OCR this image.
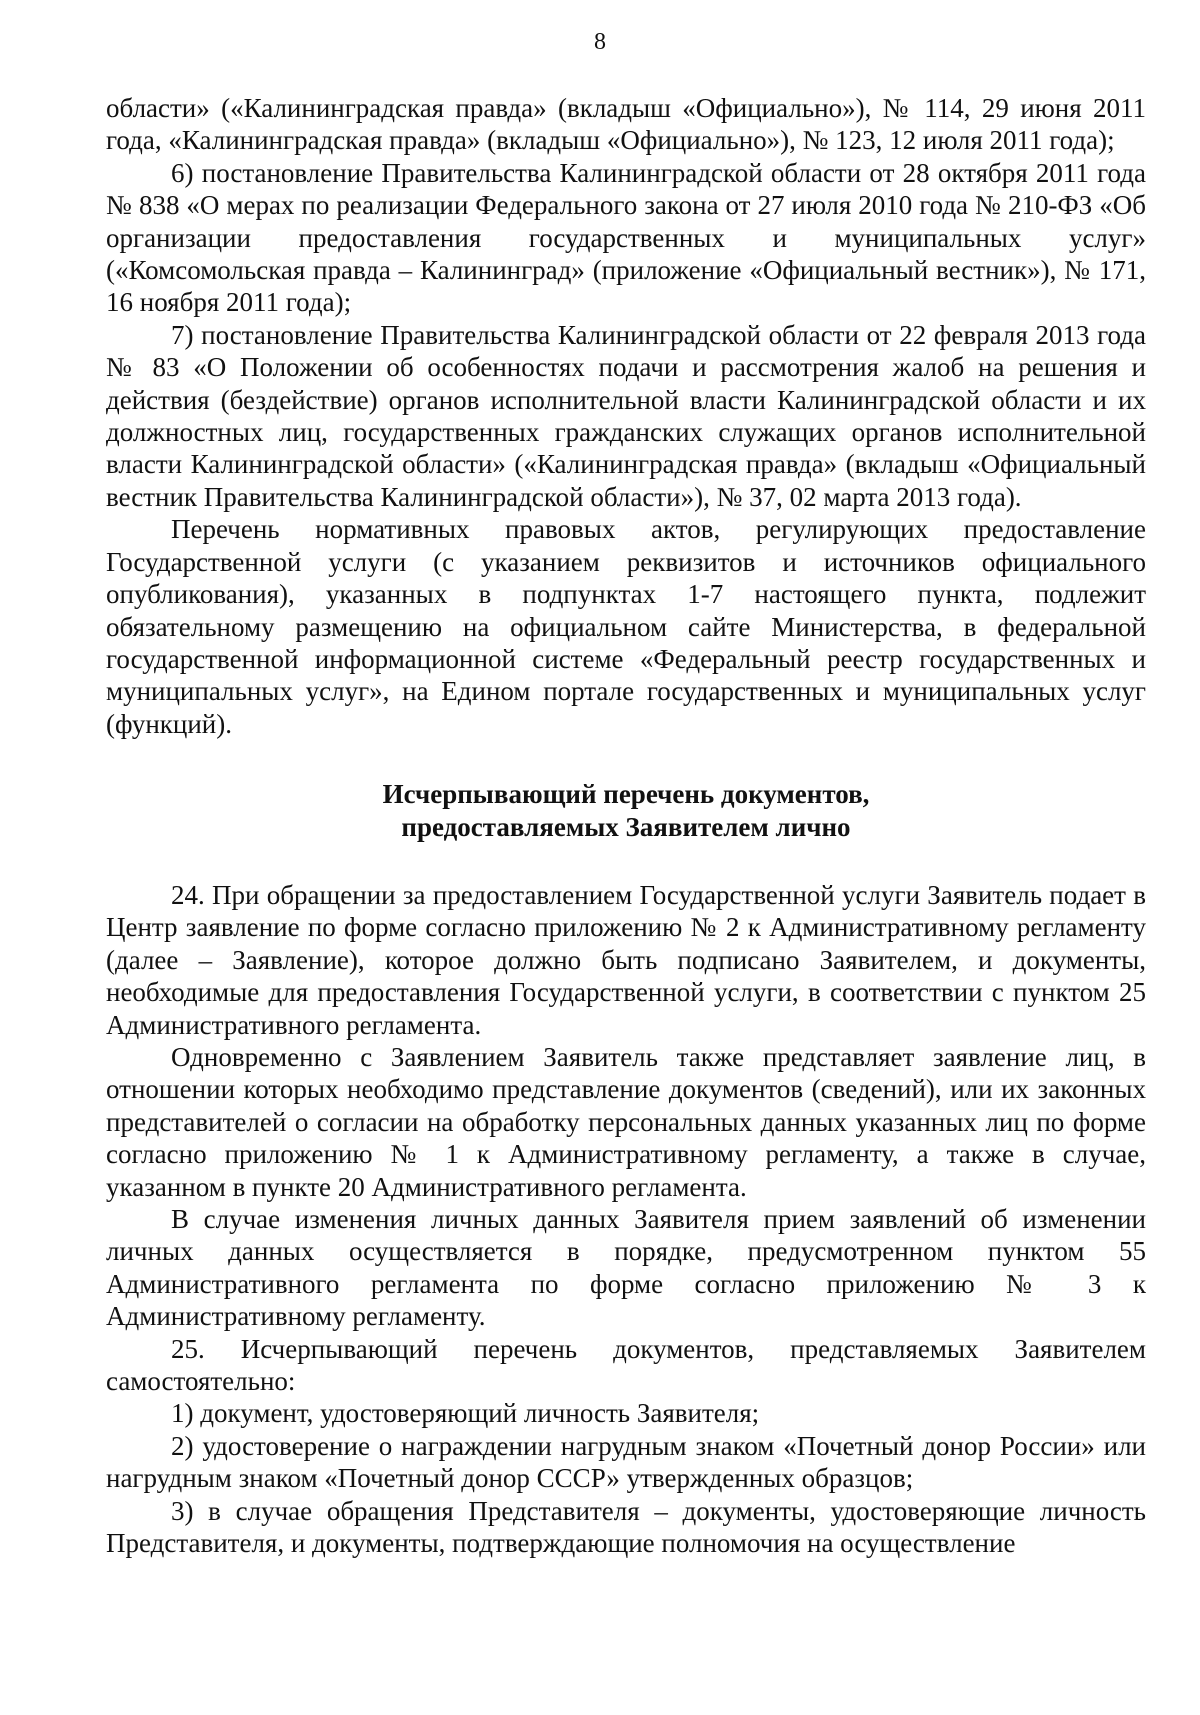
8

области» («Калининградская правда» (вкладыш «Официально»), № 114, 29 июня 2011 года, «Калининградская правда» (вкладыш «Официально»), № 123, 12 июля 2011 года);

6) постановление Правительства Калининградской области от 28 октября 2011 года № 838 «О мерах по реализации Федерального закона от 27 июля 2010 года № 210-ФЗ «Об организации предоставления государственных и муниципальных услуг» («Комсомольская правда – Калининград» (приложение «Официальный вестник»), № 171, 16 ноября 2011 года);

7) постановление Правительства Калининградской области от 22 февраля 2013 года № 83 «О Положении об особенностях подачи и рассмотрения жалоб на решения и действия (бездействие) органов исполнительной власти Калининградской области и их должностных лиц, государственных гражданских служащих органов исполнительной власти Калининградской области» («Калининградская правда» (вкладыш «Официальный вестник Правительства Калининградской области»), № 37, 02 марта 2013 года).

Перечень нормативных правовых актов, регулирующих предоставление Государственной услуги (с указанием реквизитов и источников официального опубликования), указанных в подпунктах 1-7 настоящего пункта, подлежит обязательному размещению на официальном сайте Министерства, в федеральной государственной информационной системе «Федеральный реестр государственных и муниципальных услуг», на Едином портале государственных и муниципальных услуг (функций).

Исчерпывающий перечень документов,
предоставляемых Заявителем лично

24. При обращении за предоставлением Государственной услуги Заявитель подает в Центр заявление по форме согласно приложению № 2 к Административному регламенту (далее – Заявление), которое должно быть подписано Заявителем, и документы, необходимые для предоставления Государственной услуги, в соответствии с пунктом 25 Административного регламента.

Одновременно с Заявлением Заявитель также представляет заявление лиц, в отношении которых необходимо представление документов (сведений), или их законных представителей о согласии на обработку персональных данных указанных лиц по форме согласно приложению № 1 к Административному регламенту, а также в случае, указанном в пункте 20 Административного регламента.

В случае изменения личных данных Заявителя прием заявлений об изменении личных данных осуществляется в порядке, предусмотренном пунктом 55 Административного регламента по форме согласно приложению № 3 к Административному регламенту.

25. Исчерпывающий перечень документов, представляемых Заявителем самостоятельно:

1) документ, удостоверяющий личность Заявителя;

2) удостоверение о награждении нагрудным знаком «Почетный донор России» или нагрудным знаком «Почетный донор СССР» утвержденных образцов;

3) в случае обращения Представителя – документы, удостоверяющие личность Представителя, и документы, подтверждающие полномочия на осуществление
